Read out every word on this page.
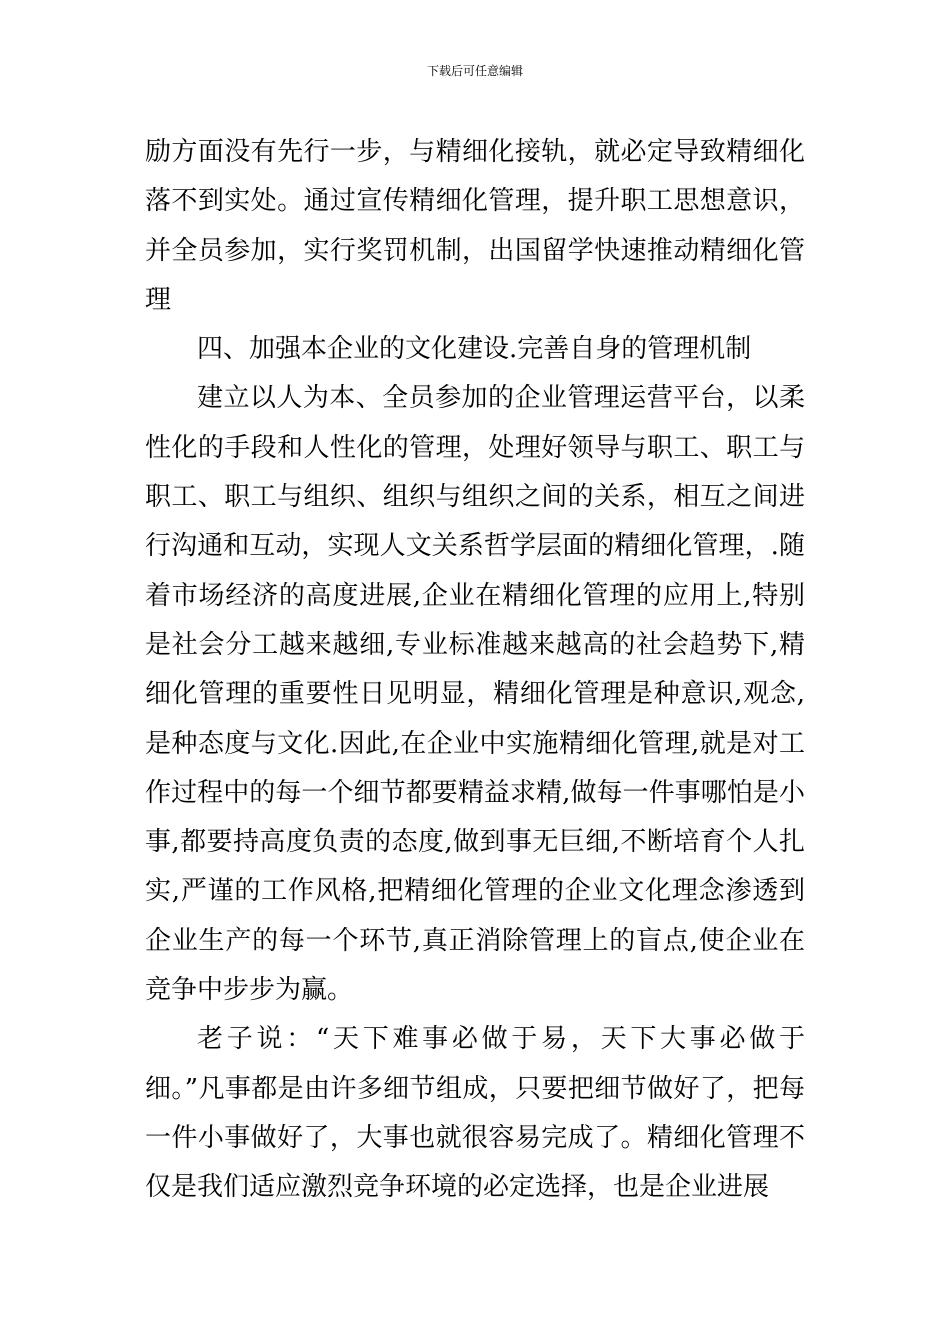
下载后可任意编辑

励方面没有先行一步，与精细化接轨，就必定导致精细化落不到实处。通过宣传精细化管理，提升职工思想意识，并全员参加，实行奖罚机制，出国留学快速推动精细化管理

四、加强本企业的文化建设.完善自身的管理机制

建立以人为本、全员参加的企业管理运营平台，以柔性化的手段和人性化的管理，处理好领导与职工、职工与职工、职工与组织、组织与组织之间的关系，相互之间进行沟通和互动，实现人文关系哲学层面的精细化管理，.随着市场经济的高度进展,企业在精细化管理的应用上,特别是社会分工越来越细,专业标准越来越高的社会趋势下,精细化管理的重要性日见明显，精细化管理是种意识,观念,是种态度与文化.因此,在企业中实施精细化管理,就是对工作过程中的每一个细节都要精益求精,做每一件事哪怕是小事,都要持高度负责的态度,做到事无巨细,不断培育个人扎实,严谨的工作风格,把精细化管理的企业文化理念渗透到企业生产的每一个环节,真正消除管理上的盲点,使企业在竞争中步步为赢。

老子说：“天下难事必做于易，天下大事必做于细。”凡事都是由许多细节组成，只要把细节做好了，把每一件小事做好了，大事也就很容易完成了。精细化管理不仅是我们适应激烈竞争环境的必定选择，也是企业进展
